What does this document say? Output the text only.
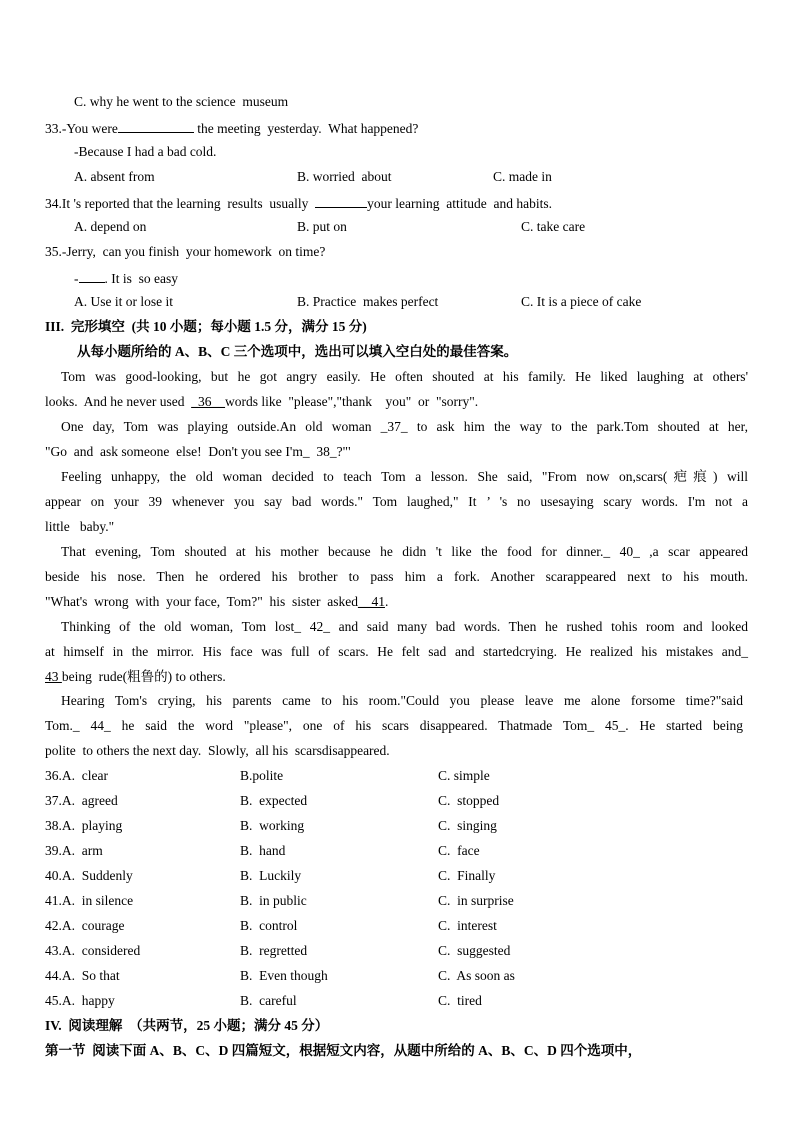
C. why he went to the science  museum
33.-You were	the meeting  yesterday.  What happened?
-Because I had a bad cold.
A. absent from	B. worried  about	C. made in
34.It 's reported that the learning  results  usually	your learning  attitude  and habits.
A. depend on	B. put on	C. take care
35.-Jerry,  can you finish  your homework  on time?
- . It is  so easy
A. Use it or lose it	B. Practice  makes perfect	C. It is a piece of cake
III.  完形填空  (共 10 小题；每小题 1.5 分，满分 15 分)
从每小题所给的 A、B、C 三个选项中，选出可以填入空白处的最佳答案。
Tom was good-looking, but he got angry easily. He often shouted at his family. He liked laughing at others'
looks.  And he never used  _36__words like  "please","thank    you"  or  "sorry".
One day, Tom was playing outside.An old woman _37_ to ask him the way to the park.Tom shouted at her,
"Go  and  ask someone  else!  Don't you see I'm_  38_?"'
Feeling unhappy, the old woman decided to teach Tom a lesson. She said, "From now on,scars(疤痕) will
appear on your 39 whenever you say bad words." Tom laughed," It ’ 's no usesaying scary words. I'm not a
little   baby."
That evening, Tom shouted at his mother because he didn 't like the food for dinner._ 40_ ,a scar appeared
beside his nose. Then he ordered his brother to pass him a fork. Another scarappeared next to his mouth.
"What's  wrong  with  your face,  Tom?"  his  sister  asked__41.
Thinking of the old woman, Tom lost_ 42_ and said many bad words. Then he rushed tohis room and looked
at himself in the mirror. His face was full of scars. He felt sad and startedcrying. He realized his mistakes and_
43 being  rude(粗鲁的) to others.
Hearing Tom's crying, his parents came to his room."Could you please leave me alone forsome time?"said
Tom._ 44_ he said the word "please", one of his scars disappeared. Thatmade Tom_ 45_. He started being
polite  to others the next day.  Slowly,  all his  scarsdisappeared.
36.A.  clear	B.polite	C. simple
37.A.  agreed	B.  expected	C.  stopped
38.A.  playing	B.  working	C.  singing
39.A.  arm	B.  hand	C.  face
40.A.  Suddenly	B.  Luckily	C.  Finally
41.A.  in silence	B.  in public	C.  in surprise
42.A.  courage	B.  control	C.  interest
43.A.  considered	B.  regretted	C.  suggested
44.A.  So that	B.  Even though	C.  As soon as
45.A.  happy	B.  careful	C.  tired
IV.  阅读理解  （共两节，25 小题；满分 45 分）
第一节  阅读下面 A、B、C、D 四篇短文，根据短文内容，从题中所给的 A、B、C、D 四个选项中，
